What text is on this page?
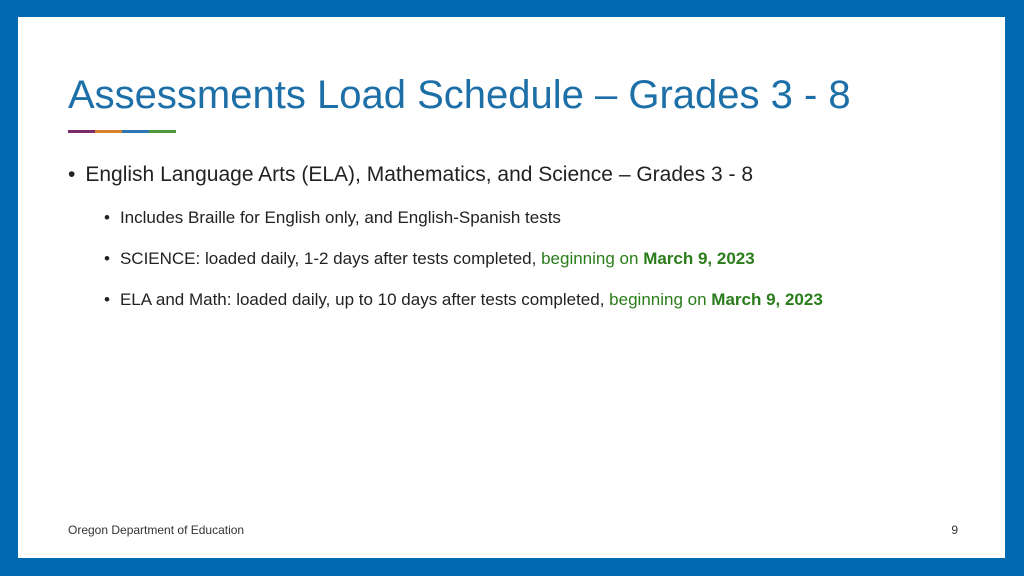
Assessments Load Schedule – Grades 3 - 8
• English Language Arts (ELA), Mathematics, and Science – Grades 3 - 8
• Includes Braille for English only, and English-Spanish tests
• SCIENCE: loaded daily, 1-2 days after tests completed, beginning on March 9, 2023
• ELA and Math: loaded daily, up to 10 days after tests completed, beginning on March 9, 2023
Oregon Department of Education	9
